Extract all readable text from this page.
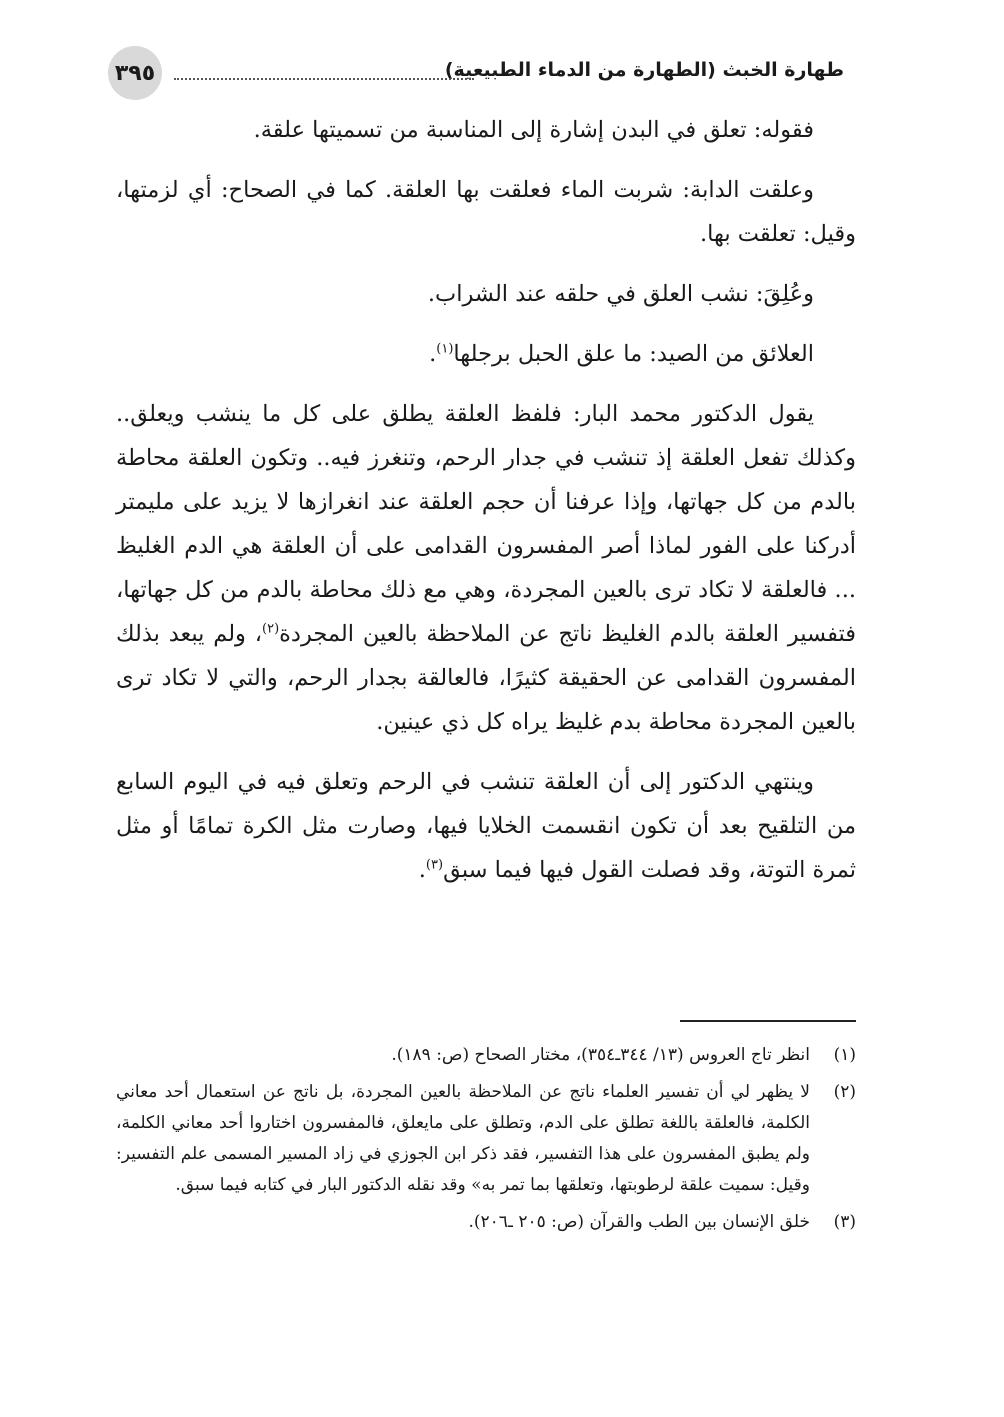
طهارة الخبث (الطهارة من الدماء الطبيعية)
٣٩٥

فقوله: تعلق في البدن إشارة إلى المناسبة من تسميتها علقة.

وعلقت الدابة: شربت الماء فعلقت بها العلقة. كما في الصحاح: أي لزمتها، وقيل: تعلقت بها.

وعُلِقَ: نشب العلق في حلقه عند الشراب.

العلائق من الصيد: ما علق الحبل برجلها$^{(١)}$.

يقول الدكتور محمد البار: فلفظ العلقة يطلق على كل ما ينشب ويعلق.. وكذلك تفعل العلقة إذ تنشب في جدار الرحم، وتنغرز فيه.. وتكون العلقة محاطة بالدم من كل جهاتها، وإذا عرفنا أن حجم العلقة عند انغرازها لا يزيد على مليمتر أدركنا على الفور لماذا أصر المفسرون القدامى على أن العلقة هي الدم الغليظ ... فالعلقة لا تكاد ترى بالعين المجردة، وهي مع ذلك محاطة بالدم من كل جهاتها، فتفسير العلقة بالدم الغليظ ناتج عن الملاحظة بالعين المجردة$^{(٢)}$، ولم يبعد بذلك المفسرون القدامى عن الحقيقة كثيرًا، فالعالقة بجدار الرحم، والتي لا تكاد ترى بالعين المجردة محاطة بدم غليظ يراه كل ذي عينين.

وينتهي الدكتور إلى أن العلقة تنشب في الرحم وتعلق فيه في اليوم السابع من التلقيح بعد أن تكون انقسمت الخلايا فيها، وصارت مثل الكرة تمامًا أو مثل ثمرة التوتة، وقد فصلت القول فيها فيما سبق$^{(٣)}$.

(١)
انظر تاج العروس (١٣/ ٣٤٤ـ٣٥٤)، مختار الصحاح (ص: ١٨٩).
(٢)
لا يظهر لي أن تفسير العلماء ناتج عن الملاحظة بالعين المجردة، بل ناتج عن استعمال أحد معاني الكلمة، فالعلقة باللغة تطلق على الدم، وتطلق على مايعلق، فالمفسرون اختاروا أحد معاني الكلمة، ولم يطبق المفسرون على هذا التفسير، فقد ذكر ابن الجوزي في زاد المسير المسمى علم التفسير: وقيل: سميت علقة لرطوبتها، وتعلقها بما تمر به» وقد نقله الدكتور البار في كتابه فيما سبق.
(٣)
خلق الإنسان بين الطب والقرآن (ص: ٢٠٥ ـ٢٠٦).
